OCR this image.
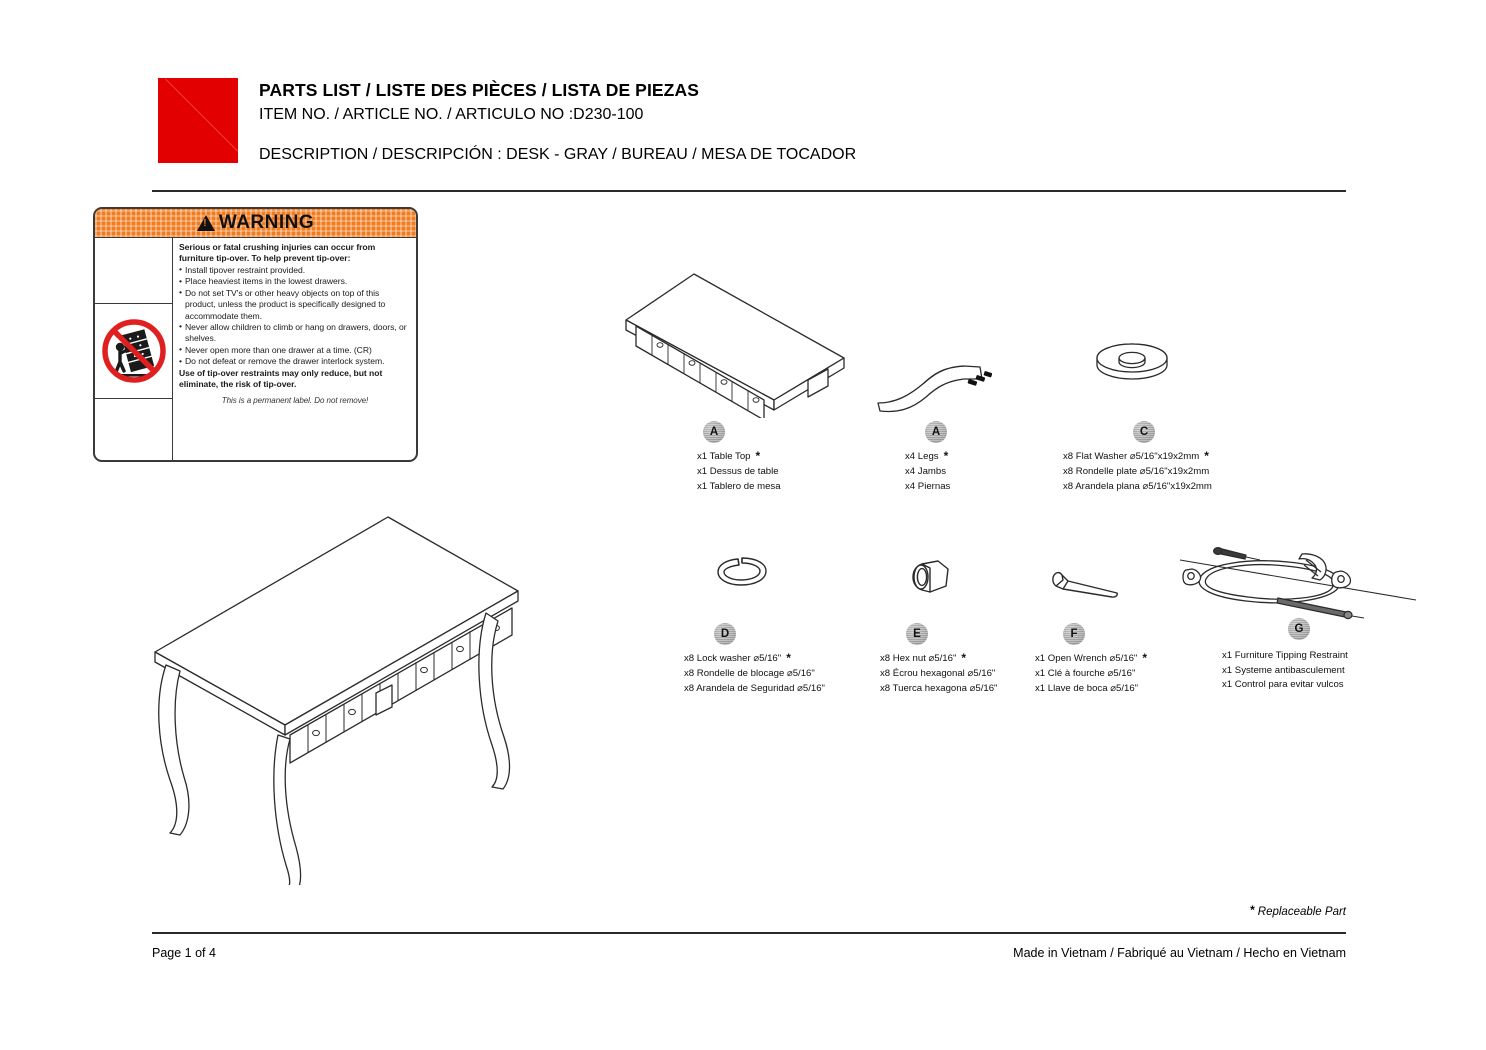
PARTS LIST / LISTE DES PIÈCES / LISTA DE PIEZAS
ITEM NO. / ARTICLE NO. / ARTICULO NO :D230-100
DESCRIPTION / DESCRIPCIÓN : DESK - GRAY / BUREAU / MESA DE TOCADOR
!
WARNING

Serious or fatal crushing injuries can occur from furniture tip-over. To help prevent tip-over:

• Install tipover restraint provided.
• Place heaviest items in the lowest drawers.
• Do not set TV's or other heavy objects on top of this product, unless the product is specifically designed to accommodate them.
• Never allow children to climb or hang on drawers, doors, or shelves.
• Never open more than one drawer at a time. (CR)
• Do not defeat or remove the drawer interlock system.

Use of tip-over restraints may only reduce, but not eliminate, the risk of tip-over.

This is a permanent label. Do not remove!

A
x1 Table Top *
x1 Dessus de table
x1 Tablero de mesa
A
x4 Legs *
x4 Jambs
x4 Piernas
C
x8 Flat Washer ⌀5/16"x19x2mm *
x8 Rondelle plate ⌀5/16"x19x2mm
x8 Arandela plana ⌀5/16"x19x2mm
D
x8 Lock washer ⌀5/16" *
x8 Rondelle de blocage ⌀5/16"
x8 Arandela de Seguridad ⌀5/16"
E
x8 Hex nut ⌀5/16" *
x8 Écrou hexagonal ⌀5/16"
x8 Tuerca hexagona ⌀5/16"
F
x1 Open Wrench ⌀5/16" *
x1 Clé à fourche ⌀5/16"
x1 Llave de boca ⌀5/16"
G
x1 Furniture Tipping Restraint
x1 Systeme antibasculement
x1 Control para evitar vulcos
* Replaceable Part
Page 1 of 4	Made in Vietnam / Fabriqué au Vietnam / Hecho en Vietnam
